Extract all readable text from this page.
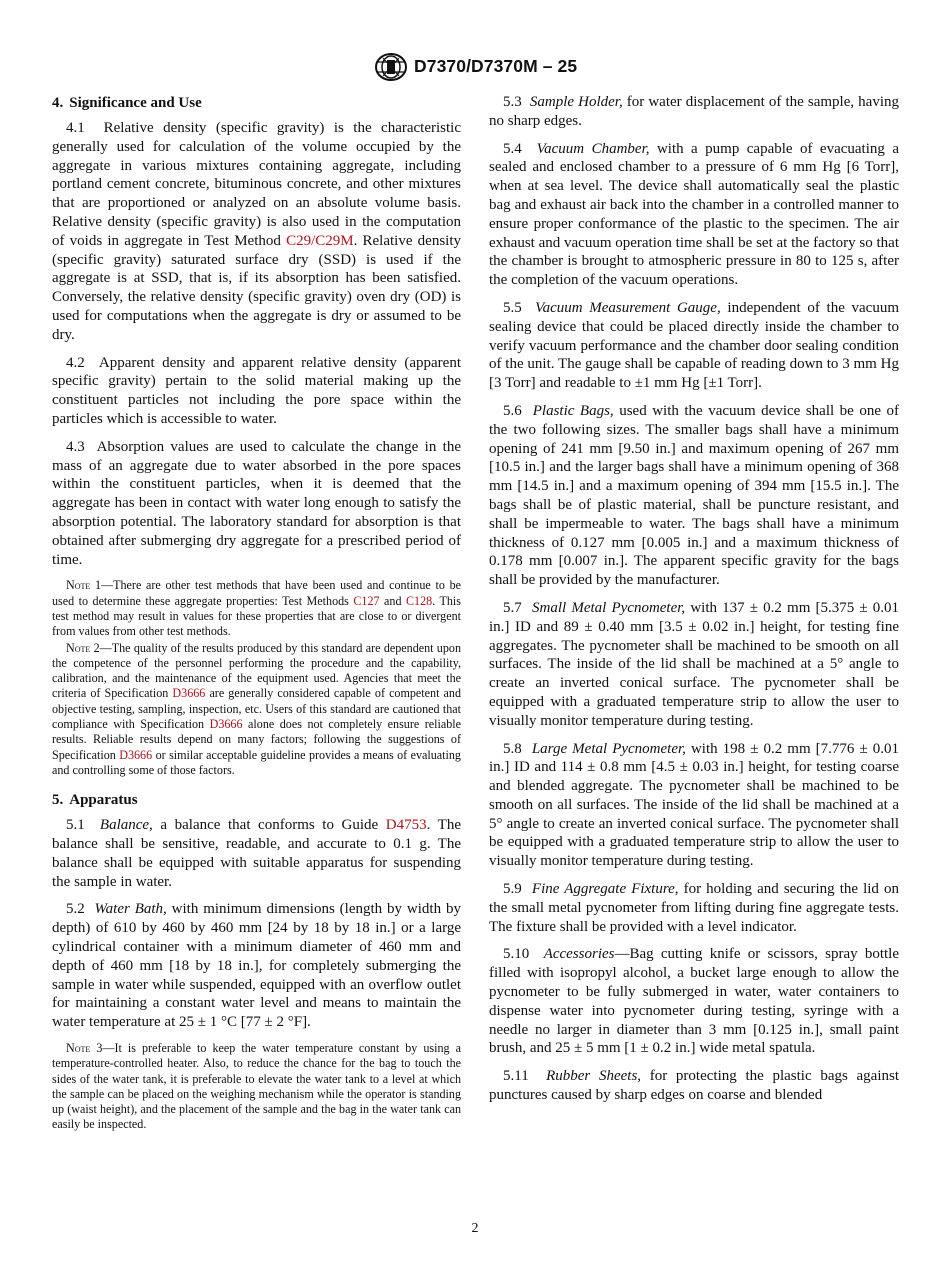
D7370/D7370M – 25
4. Significance and Use

4.1 Relative density (specific gravity) is the characteristic generally used for calculation of the volume occupied by the aggregate in various mixtures containing aggregate, including portland cement concrete, bituminous concrete, and other mixtures that are proportioned or analyzed on an absolute volume basis. Relative density (specific gravity) is also used in the computation of voids in aggregate in Test Method C29/C29M. Relative density (specific gravity) saturated surface dry (SSD) is used if the aggregate is at SSD, that is, if its absorption has been satisfied. Conversely, the relative density (specific gravity) oven dry (OD) is used for computations when the aggregate is dry or assumed to be dry.

4.2 Apparent density and apparent relative density (apparent specific gravity) pertain to the solid material making up the constituent particles not including the pore space within the particles which is accessible to water.

4.3 Absorption values are used to calculate the change in the mass of an aggregate due to water absorbed in the pore spaces within the constituent particles, when it is deemed that the aggregate has been in contact with water long enough to satisfy the absorption potential. The laboratory standard for absorption is that obtained after submerging dry aggregate for a prescribed period of time.

Note 1—There are other test methods that have been used and continue to be used to determine these aggregate properties: Test Methods C127 and C128. This test method may result in values for these properties that are close to or divergent from values from other test methods.

Note 2—The quality of the results produced by this standard are dependent upon the competence of the personnel performing the procedure and the capability, calibration, and the maintenance of the equipment used. Agencies that meet the criteria of Specification D3666 are generally considered capable of competent and objective testing, sampling, inspection, etc. Users of this standard are cautioned that compliance with Specification D3666 alone does not completely ensure reliable results. Reliable results depend on many factors; following the suggestions of Specification D3666 or similar acceptable guideline provides a means of evaluating and controlling some of those factors.

5. Apparatus

5.1 Balance, a balance that conforms to Guide D4753. The balance shall be sensitive, readable, and accurate to 0.1 g. The balance shall be equipped with suitable apparatus for suspending the sample in water.

5.2 Water Bath, with minimum dimensions (length by width by depth) of 610 by 460 by 460 mm [24 by 18 by 18 in.] or a large cylindrical container with a minimum diameter of 460 mm and depth of 460 mm [18 by 18 in.], for completely submerging the sample in water while suspended, equipped with an overflow outlet for maintaining a constant water level and means to maintain the water temperature at 25 ± 1 °C [77 ± 2 °F].

Note 3—It is preferable to keep the water temperature constant by using a temperature-controlled heater. Also, to reduce the chance for the bag to touch the sides of the water tank, it is preferable to elevate the water tank to a level at which the sample can be placed on the weighing mechanism while the operator is standing up (waist height), and the placement of the sample and the bag in the water tank can easily be inspected.

5.3 Sample Holder, for water displacement of the sample, having no sharp edges.

5.4 Vacuum Chamber, with a pump capable of evacuating a sealed and enclosed chamber to a pressure of 6 mm Hg [6 Torr], when at sea level. The device shall automatically seal the plastic bag and exhaust air back into the chamber in a controlled manner to ensure proper conformance of the plastic to the specimen. The air exhaust and vacuum operation time shall be set at the factory so that the chamber is brought to atmospheric pressure in 80 to 125 s, after the completion of the vacuum operations.

5.5 Vacuum Measurement Gauge, independent of the vacuum sealing device that could be placed directly inside the chamber to verify vacuum performance and the chamber door sealing condition of the unit. The gauge shall be capable of reading down to 3 mm Hg [3 Torr] and readable to ±1 mm Hg [±1 Torr].

5.6 Plastic Bags, used with the vacuum device shall be one of the two following sizes. The smaller bags shall have a minimum opening of 241 mm [9.50 in.] and maximum opening of 267 mm [10.5 in.] and the larger bags shall have a minimum opening of 368 mm [14.5 in.] and a maximum opening of 394 mm [15.5 in.]. The bags shall be of plastic material, shall be puncture resistant, and shall be impermeable to water. The bags shall have a minimum thickness of 0.127 mm [0.005 in.] and a maximum thickness of 0.178 mm [0.007 in.]. The apparent specific gravity for the bags shall be provided by the manufacturer.

5.7 Small Metal Pycnometer, with 137 ± 0.2 mm [5.375 ± 0.01 in.] ID and 89 ± 0.40 mm [3.5 ± 0.02 in.] height, for testing fine aggregates. The pycnometer shall be machined to be smooth on all surfaces. The inside of the lid shall be machined at a 5° angle to create an inverted conical surface. The pycnometer shall be equipped with a graduated temperature strip to allow the user to visually monitor temperature during testing.

5.8 Large Metal Pycnometer, with 198 ± 0.2 mm [7.776 ± 0.01 in.] ID and 114 ± 0.8 mm [4.5 ± 0.03 in.] height, for testing coarse and blended aggregate. The pycnometer shall be machined to be smooth on all surfaces. The inside of the lid shall be machined at a 5° angle to create an inverted conical surface. The pycnometer shall be equipped with a graduated temperature strip to allow the user to visually monitor temperature during testing.

5.9 Fine Aggregate Fixture, for holding and securing the lid on the small metal pycnometer from lifting during fine aggregate tests. The fixture shall be provided with a level indicator.

5.10 Accessories—Bag cutting knife or scissors, spray bottle filled with isopropyl alcohol, a bucket large enough to allow the pycnometer to be fully submerged in water, water containers to dispense water into pycnometer during testing, syringe with a needle no larger in diameter than 3 mm [0.125 in.], small paint brush, and 25 ± 5 mm [1 ± 0.2 in.] wide metal spatula.

5.11 Rubber Sheets, for protecting the plastic bags against punctures caused by sharp edges on coarse and blended

2
